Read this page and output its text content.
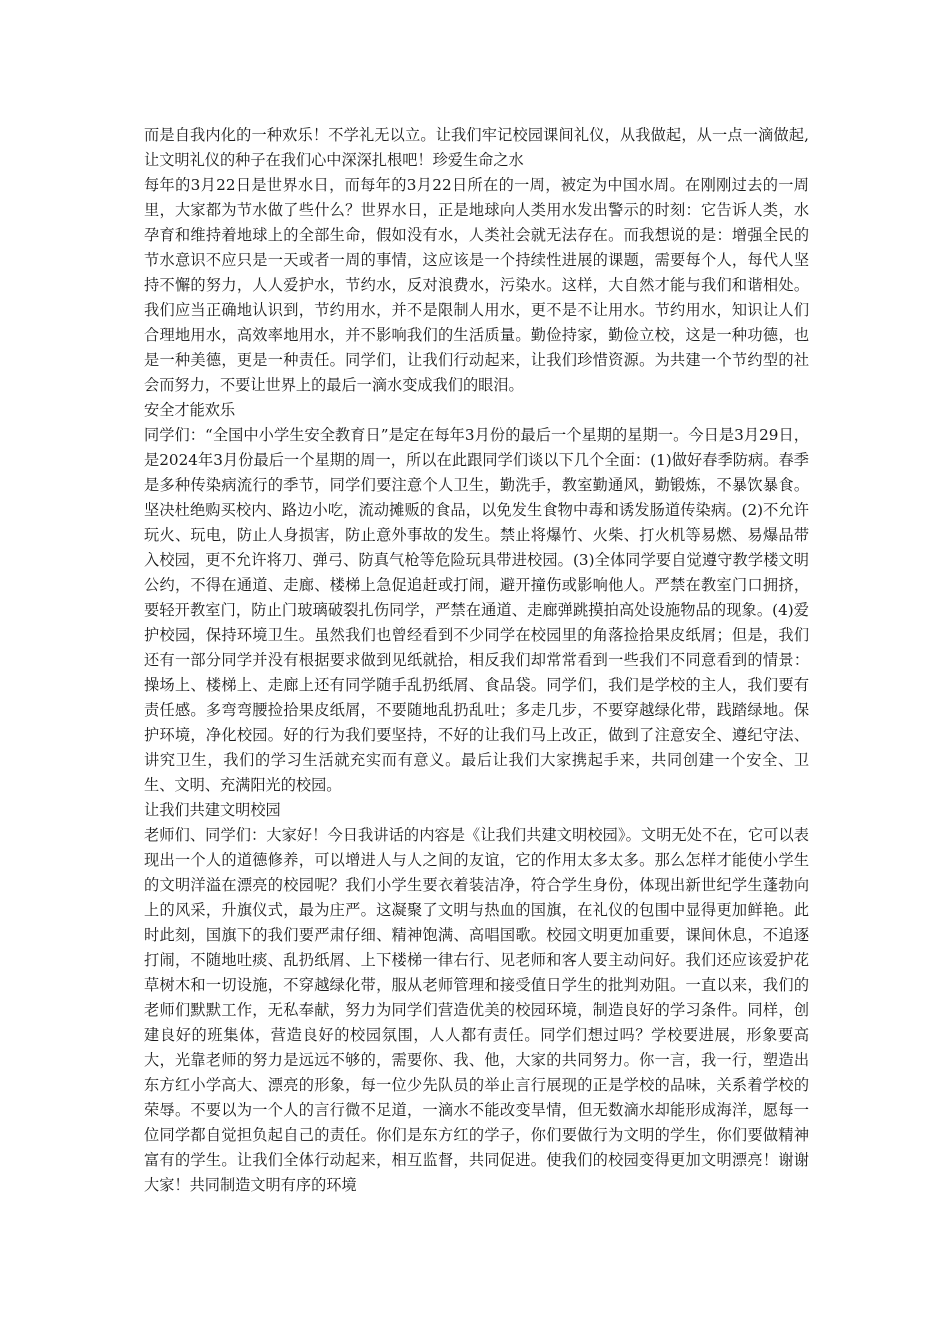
而是自我内化的一种欢乐！不学礼无以立。让我们牢记校园课间礼仪，从我做起，从一点一滴做起,让文明礼仪的种子在我们心中深深扎根吧！珍爱生命之水

每年的3月22日是世界水日，而每年的3月22日所在的一周，被定为中国水周。在刚刚过去的一周里，大家都为节水做了些什么？世界水日，正是地球向人类用水发出警示的时刻：它告诉人类，水孕育和维持着地球上的全部生命，假如没有水，人类社会就无法存在。而我想说的是：增强全民的节水意识不应只是一天或者一周的事情，这应该是一个持续性进展的课题，需要每个人，每代人坚持不懈的努力，人人爱护水，节约水，反对浪费水，污染水。这样，大自然才能与我们和谐相处。我们应当正确地认识到，节约用水，并不是限制人用水，更不是不让用水。节约用水，知识让人们合理地用水，高效率地用水，并不影响我们的生活质量。勤俭持家，勤俭立校，这是一种功德，也是一种美德，更是一种责任。同学们，让我们行动起来，让我们珍惜资源。为共建一个节约型的社会而努力，不要让世界上的最后一滴水变成我们的眼泪。

安全才能欢乐

同学们：“全国中小学生安全教育日”是定在每年3月份的最后一个星期的星期一。今日是3月29日，是2024年3月份最后一个星期的周一，所以在此跟同学们谈以下几个全面：(1)做好春季防病。春季是多种传染病流行的季节，同学们要注意个人卫生，勤洗手，教室勤通风，勤锻炼，不暴饮暴食。坚决杜绝购买校内、路边小吃，流动摊贩的食品，以免发生食物中毒和诱发肠道传染病。(2)不允许玩火、玩电，防止人身损害，防止意外事故的发生。禁止将爆竹、火柴、打火机等易燃、易爆品带入校园，更不允许将刀、弹弓、防真气枪等危险玩具带进校园。(3)全体同学要自觉遵守教学楼文明公约，不得在通道、走廊、楼梯上急促追赶或打闹，避开撞伤或影响他人。严禁在教室门口拥挤，要轻开教室门，防止门玻璃破裂扎伤同学，严禁在通道、走廊弹跳摸拍高处设施物品的现象。(4)爱护校园，保持环境卫生。虽然我们也曾经看到不少同学在校园里的角落捡拾果皮纸屑；但是，我们还有一部分同学并没有根据要求做到见纸就拾，相反我们却常常看到一些我们不同意看到的情景：操场上、楼梯上、走廊上还有同学随手乱扔纸屑、食品袋。同学们，我们是学校的主人，我们要有责任感。多弯弯腰捡拾果皮纸屑，不要随地乱扔乱吐；多走几步，不要穿越绿化带，践踏绿地。保护环境，净化校园。好的行为我们要坚持，不好的让我们马上改正，做到了注意安全、遵纪守法、讲究卫生，我们的学习生活就充实而有意义。最后让我们大家携起手来，共同创建一个安全、卫生、文明、充满阳光的校园。

让我们共建文明校园

老师们、同学们：大家好！今日我讲话的内容是《让我们共建文明校园》。文明无处不在，它可以表现出一个人的道德修养，可以增进人与人之间的友谊，它的作用太多太多。那么怎样才能使小学生的文明洋溢在漂亮的校园呢？我们小学生要衣着装洁净，符合学生身份，体现出新世纪学生蓬勃向上的风采，升旗仪式，最为庄严。这凝聚了文明与热血的国旗，在礼仪的包围中显得更加鲜艳。此时此刻，国旗下的我们要严肃仔细、精神饱满、高唱国歌。校园文明更加重要，课间休息，不追逐打闹，不随地吐痰、乱扔纸屑、上下楼梯一律右行、见老师和客人要主动问好。我们还应该爱护花草树木和一切设施，不穿越绿化带，服从老师管理和接受值日学生的批判劝阻。一直以来，我们的老师们默默工作，无私奉献，努力为同学们营造优美的校园环境，制造良好的学习条件。同样，创建良好的班集体，营造良好的校园氛围，人人都有责任。同学们想过吗？学校要进展，形象要高大，光靠老师的努力是远远不够的，需要你、我、他，大家的共同努力。你一言，我一行，塑造出东方红小学高大、漂亮的形象，每一位少先队员的举止言行展现的正是学校的品味，关系着学校的荣辱。不要以为一个人的言行微不足道，一滴水不能改变旱情，但无数滴水却能形成海洋，愿每一位同学都自觉担负起自己的责任。你们是东方红的学子，你们要做行为文明的学生，你们要做精神富有的学生。让我们全体行动起来，相互监督，共同促进。使我们的校园变得更加文明漂亮！谢谢大家！共同制造文明有序的环境
